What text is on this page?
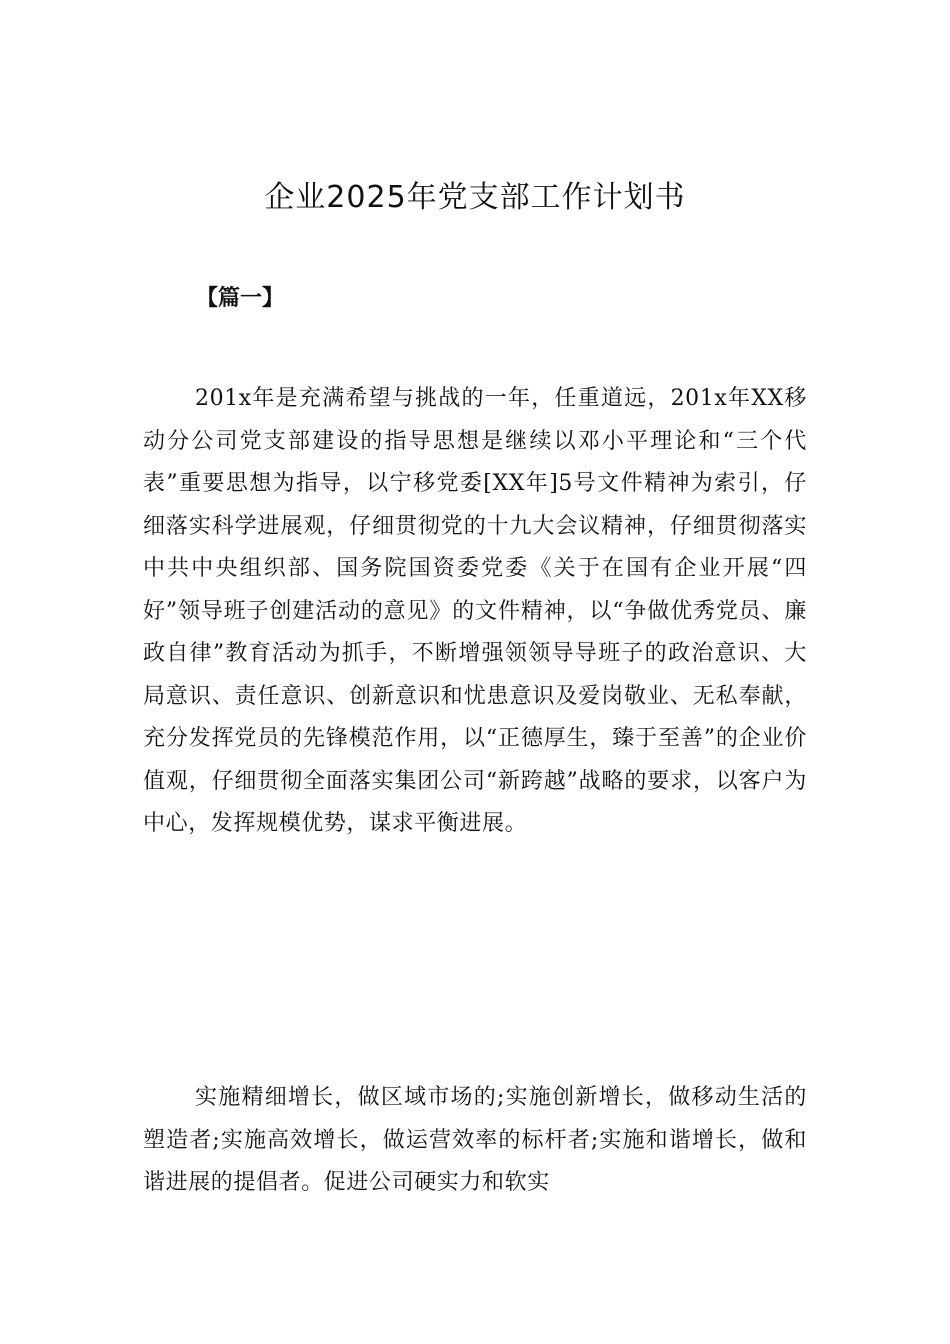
企业2025年党支部工作计划书

【篇一】

201x年是充满希望与挑战的一年，任重道远，201x年XX移动分公司党支部建设的指导思想是继续以邓小平理论和“三个代表”重要思想为指导，以宁移党委[XX年]5号文件精神为索引，仔细落实科学进展观，仔细贯彻党的十九大会议精神，仔细贯彻落实中共中央组织部、国务院国资委党委《关于在国有企业开展“四好”领导班子创建活动的意见》的文件精神，以“争做优秀党员、廉政自律”教育活动为抓手，不断增强领领导导班子的政治意识、大局意识、责任意识、创新意识和忧患意识及爱岗敬业、无私奉献，充分发挥党员的先锋模范作用，以“正德厚生，臻于至善”的企业价值观，仔细贯彻全面落实集团公司“新跨越”战略的要求，以客户为中心，发挥规模优势，谋求平衡进展。

实施精细增长，做区域市场的;实施创新增长，做移动生活的塑造者;实施高效增长，做运营效率的标杆者;实施和谐增长，做和谐进展的提倡者。促进公司硬实力和软实
